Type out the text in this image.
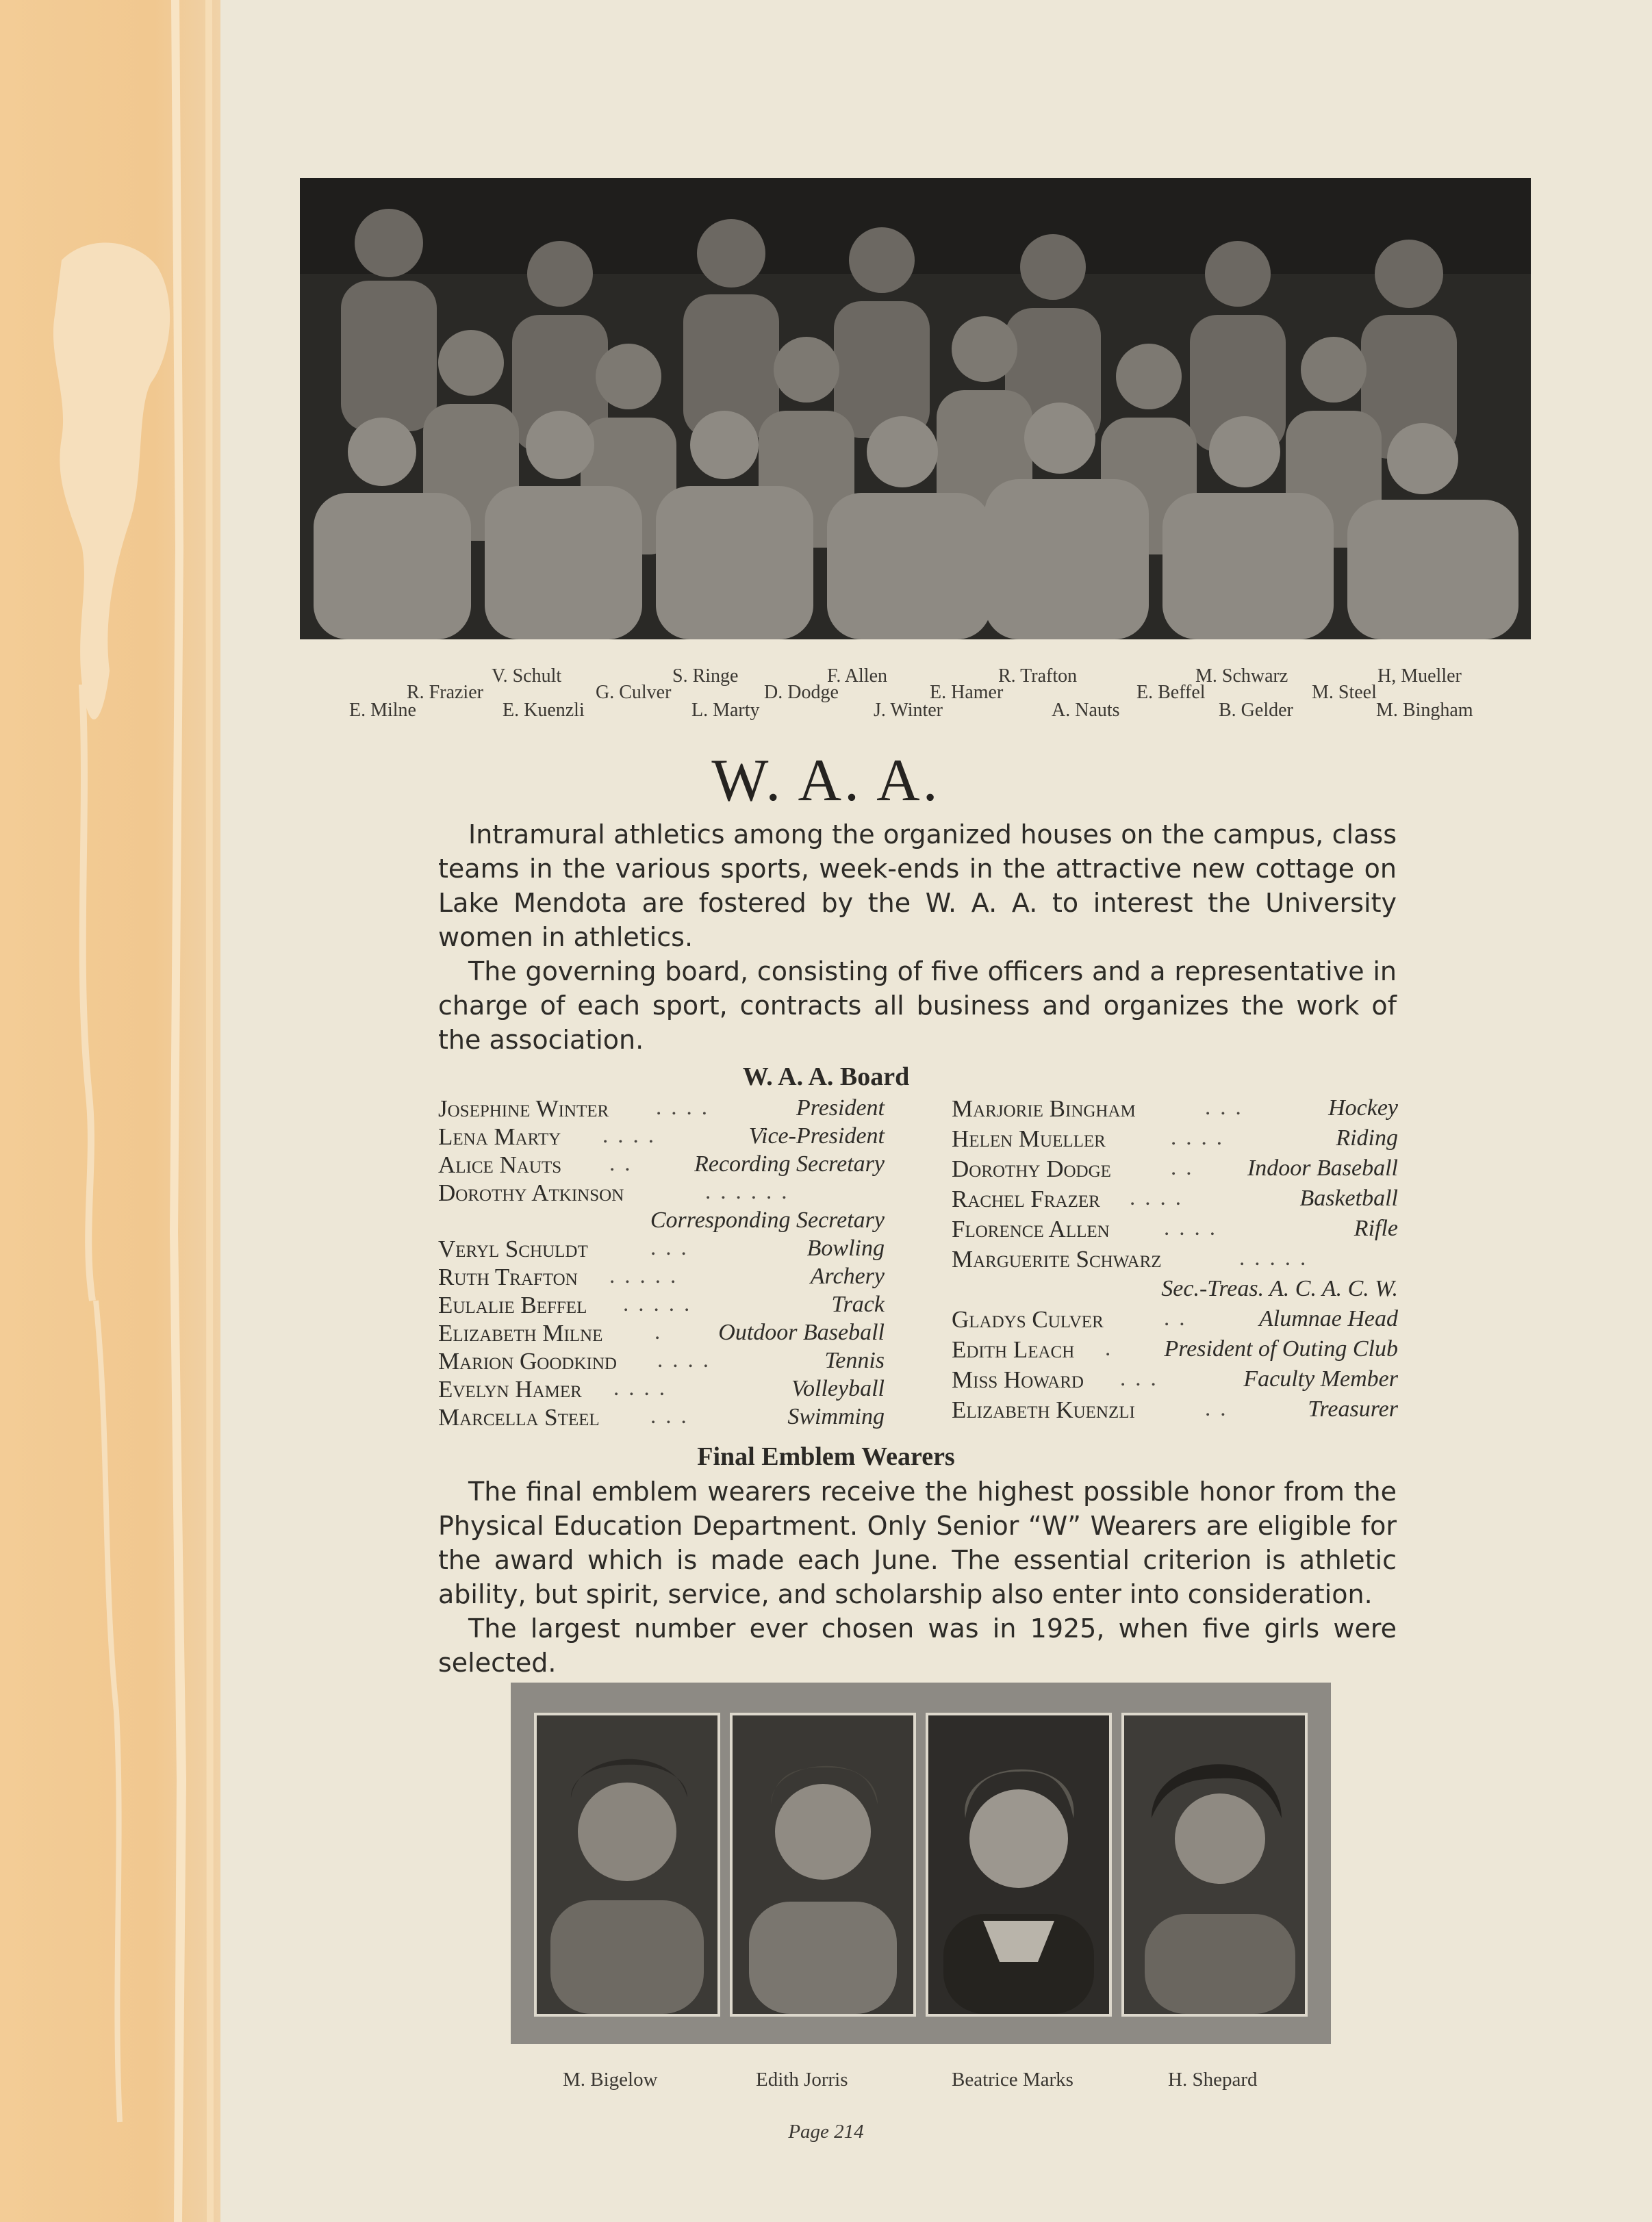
V. Schult	S. Ringe	F. Allen	R. Trafton	M. Schwarz	H, Mueller
R. Frazier	G. Culver	D. Dodge	E. Hamer	E. Beffel	M. Steel
E. Milne	E. Kuenzli	L. Marty	J. Winter	A. Nauts	B. Gelder	M. Bingham
W. A. A.
Intramural athletics among the organized houses on the campus, class teams in the various sports, week-ends in the attractive new cottage on Lake Mendota are fostered by the W. A. A. to interest the University women in athletics.
The governing board, consisting of five officers and a representative in charge of each sport, contracts all business and organizes the work of the association.
W. A. A. Board
Josephine Winter ....	President
Lena Marty ....	Vice-President
Alice Nauts .. Recording Secretary
Dorothy Atkinson	......
Corresponding Secretary
Veryl Schuldt	...	Bowling
Ruth Trafton .....	Archery
Eulalie Beffel .....	Track
Elizabeth Milne . Outdoor Baseball
Marion Goodkind ....	Tennis
Evelyn Hamer ....	Volleyball
Marcella Steel ...	Swimming
Marjorie Bingham	...	Hockey
Helen Mueller	....	Riding
Dorothy Dodge	.. Indoor Baseball
Rachel Frazer ....	Basketball
Florence Allen ....	Rifle
Marguerite Schwarz	.....
Sec.-Treas. A. C. A. C. W.
Gladys Culver	..	Alumnae Head
Edith Leach . President of Outing Club
Miss Howard ...	Faculty Member
Elizabeth Kuenzli	..	Treasurer
Final Emblem Wearers
The final emblem wearers receive the highest possible honor from the Physical Education Department. Only Senior “W” Wearers are eligible for the award which is made each June. The essential criterion is athletic ability, but spirit, service, and scholarship also enter into consideration.
The largest number ever chosen was in 1925, when five girls were selected.
M. Bigelow	Edith Jorris	Beatrice Marks	H. Shepard
Page 214
